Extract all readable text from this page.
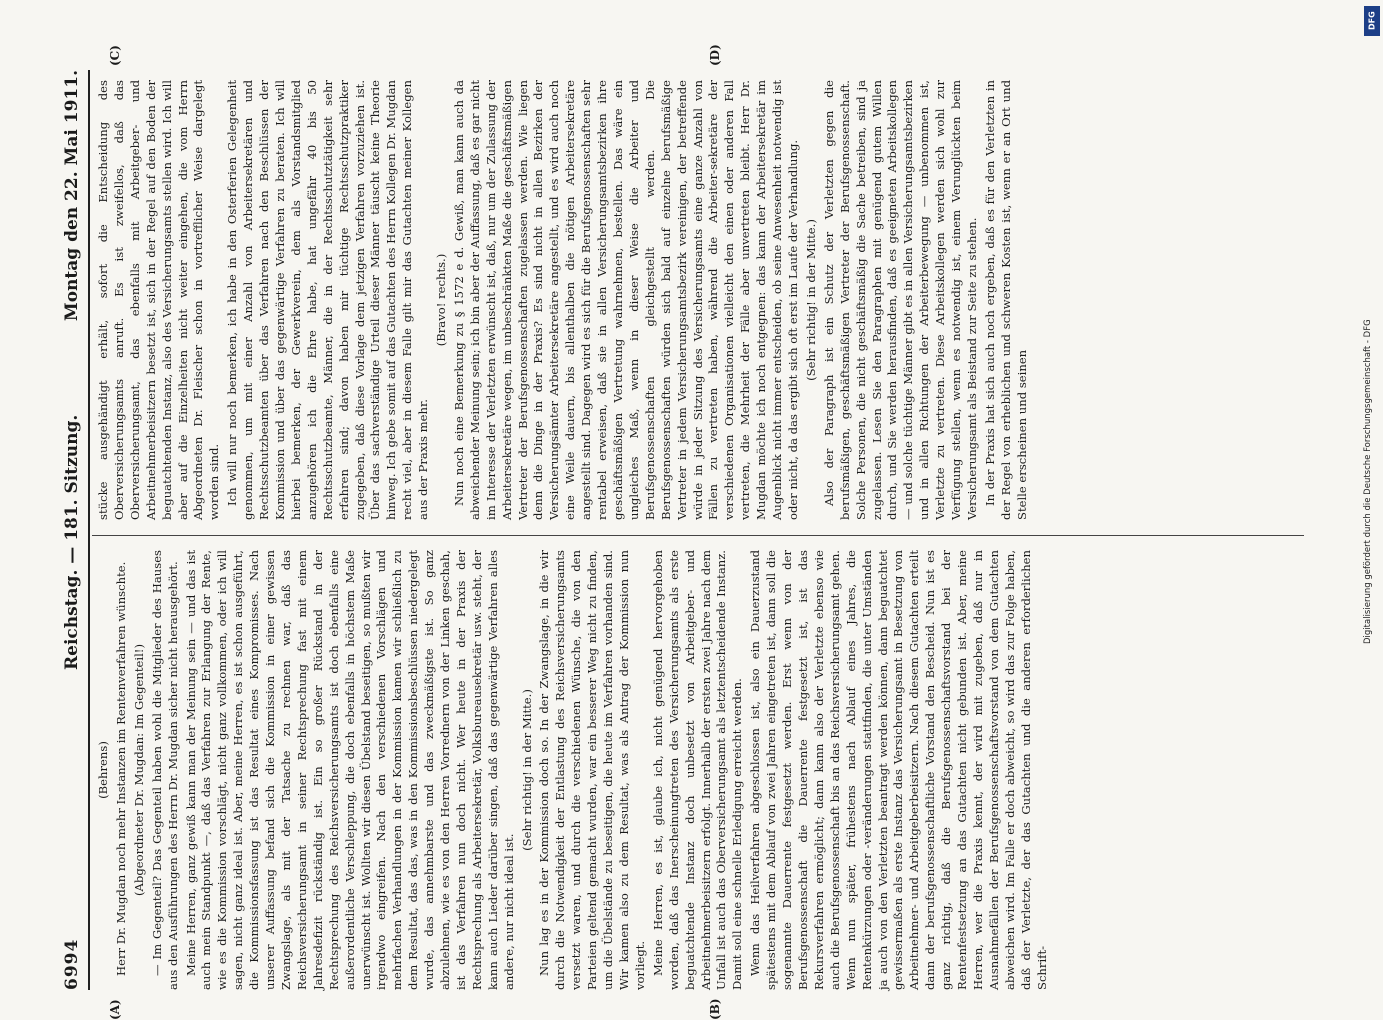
6994
Reichstag. — 181. Sitzung.
Montag den 22. Mai 1911.
(A)	(B)
(C)	(D)

(Behrens) Herr Dr. Mugdan noch mehr Instanzen im Rentenverfahren wünschte. (Abgeordneter Dr. Mugdan: Im Gegenteil!) — Im Gegenteil? Das Gegenteil haben wohl die Mitglieder des Hauses aus den Ausführungen des Herrn Dr. Mugdan sicher nicht herausgehört. Meine Herren, ganz gewiß kann man der Meinung sein — und das ist auch mein Standpunkt —, daß das Verfahren zur Erlangung der Rente, wie es die Kommission vorschlägt, nicht ganz vollkommen, oder ich will sagen, nicht ganz ideal ist. Aber, meine Herren, es ist schon ausgeführt, die Kommissionsfassung ist das Resultat eines Kompromisses. Nach unserer Auffassung befand sich die Kommission in einer gewissen Zwangslage, als mit der Tatsache zu rechnen war, daß das Reichsversicherungsamt in seiner Rechtsprechung fast mit einem Jahresdefizit rückständig ist. Ein so großer Rückstand in der Rechtsprechung des Reichsversicherungsamts ist doch ebenfalls eine außerordentliche Verschleppung, die doch ebenfalls in höchstem Maße unerwünscht ist. Wollten wir diesen Übelstand beseitigen, so mußten wir irgendwo eingreifen. Nach den verschiedenen Vorschlägen und mehrfachen Verhandlungen in der Kommission kamen wir schließlich zu dem Resultat, das das, was in den Kommissionsbeschlüssen niedergelegt wurde, das annehmbarste und das zweckmäßigste ist. So ganz abzulehnen, wie es von den Herren Vorrednern von der Linken geschah, ist das Verfahren nun doch nicht. Wer heute in der Praxis der Rechtsprechung als Arbeitersekretär, Volksbureausekretär usw. steht, der kann auch Lieder darüber singen, daß das gegenwärtige Verfahren alles andere, nur nicht ideal ist.

(Sehr richtig! in der Mitte.) Nun lag es in der Kommission doch so. In der Zwangslage, in die wir durch die Notwendigkeit der Entlastung des Reichsversicherungsamts versetzt waren, und durch die verschiedenen Wünsche, die von den Parteien geltend gemacht wurden, war ein besserer Weg nicht zu finden, um die Übelstände zu beseitigen, die heute im Verfahren vorhanden sind. Wir kamen also zu dem Resultat, was als Antrag der Kommission nun vorliegt. Meine Herren, es ist, glaube ich, nicht genügend hervorgehoben worden, daß das Inerscheinungtreten des Versicherungsamts als erste beguatchtende Instanz doch unbesetzt von Arbeitgeber- und Arbeitnehmerbeisitzern erfolgt. Innerhalb der ersten zwei Jahre nach dem Unfall ist auch das Oberversicherungsamt als letztentscheidende Instanz. Damit soll eine schnelle Erledigung erreicht werden. Wenn das Heilverfahren abgeschlossen ist, also ein Dauerzustand spätestens mit dem Ablauf von zwei Jahren eingetreten ist, dann soll die sogenannte Dauerrente festgesetzt werden. Erst wenn von der Berufsgenossenschaft die Dauerrente festgesetzt ist, ist das Rekursverfahren ermöglicht; dann kann also der Verletzte ebenso wie auch die Berufsgenossenschaft bis an das Reichsversicherungsamt gehen. Wenn nun später, frühestens nach Ablauf eines Jahres, die Rentenkürzungen oder -veränderungen stattfinden, die unter Umständen ja auch von den Verletzten beantragt werden können, dann beguatchtet gewissermaßen als erste Instanz das Versicherungsamt in Besetzung von Arbeitnehmer- und Arbeitgeberbeisitzern. Nach diesem Gutachten erteilt dann der berufsgenossenschaftliche Vorstand den Bescheid. Nun ist es ganz richtig, daß die Berufsgenossenschaftsvorstand bei der Rentenfestsetzung an das Gutachten nicht gebunden ist. Aber, meine Herren, wer die Praxis kennt, der wird mit zugeben, daß nur in Ausnahmefällen der Berufsgenossenschaftsvorstand von dem Gutachten abweichen wird. Im Falle er doch abweicht, so wird das zur Folge haben, daß der Verletzte, der das Gutachten und die anderen erforderlichen Schrift-

stücke ausgehändigt erhält, sofort die Entscheidung des Oberversicherungsamts anruft. Es ist zweifellos, daß das Oberversicherungsamt, das ebenfalls mit Arbeitgeber- und Arbeitnehmerbeisitzern besetzt ist, sich in der Regel auf den Boden der beguatchtenden Instanz, also des Versicherungsamts stellen wird. Ich will aber auf die Einzelheiten nicht weiter eingehen, die vom Herrn Abgeordneten Dr. Fleischer schon in vortrefflicher Weise dargelegt worden sind. Ich will nur noch bemerken, ich habe in den Osterferien Gelegenheit genommen, um mit einer Anzahl von Arbeitersekretären und Rechtsschutzbeamten über das Verfahren nach den Beschlüssen der Kommission und über das gegenwärtige Verfahren zu beraten. Ich will hierbei bemerken, der Gewerkverein, dem als Vorstandsmitglied anzugehören ich die Ehre habe, hat ungefähr 40 bis 50 Rechtsschutzbeamte, Männer, die in der Rechtsschutztätigkeit sehr erfahren sind; davon haben mir tüchtige Rechtsschutzpraktiker zugegeben, daß diese Vorlage dem jetzigen Verfahren vorzuziehen ist. Über das sachverständige Urteil dieser Männer täuscht keine Theorie hinweg. Ich gebe somit auf das Gutachten des Herrn Kollegen Dr. Mugdan recht viel, aber in diesem Falle gilt mir das Gutachten meiner Kollegen aus der Praxis mehr.

(Bravo! rechts.) Nun noch eine Bemerkung zu § 1572 e d. Gewiß, man kann auch da abweichender Meinung sein; ich bin aber der Auffassung, daß es gar nicht im Interesse der Verletzten erwünscht ist, daß, nur um der Zulassung der Arbeitersekretäre wegen, im unbeschränkten Maße die geschäftsmäßigen Vertreter der Berufsgenossenschaften zugelassen werden. Wie liegen denn die Dinge in der Praxis? Es sind nicht in allen Bezirken der Versicherungsämter Arbeitersekretäre angestellt, und es wird auch noch eine Weile dauern, bis allenthalben die nötigen Arbeitersekretäre angestellt sind. Dagegen wird es sich für die Berufsgenossenschaften sehr rentabel erweisen, daß sie in allen Versicherungsamtsbezirken ihre geschäftsmäßigen Vertretung wahrnehmen, bestellen. Das wäre ein ungleiches Maß, wenn in dieser Weise die Arbeiter und Berufsgenossenschaften gleichgestellt werden. Die Berufsgenossenschaften würden sich bald auf einzelne berufsmäßige Vertreter in jedem Versicherungsamtsbezirk vereinigen, der betreffende würde in jeder Sitzung des Versicherungsamts eine ganze Anzahl von Fällen zu vertreten haben, während die Arbeiter-sekretäre der verschiedenen Organisationen vielleicht den einen oder anderen Fall vertreten, die Mehrheit der Fälle aber unvertreten bleibt. Herr Dr. Mugdan möchte ich noch entgegnen: das kann der Arbeitersekretär im Augenblick nicht immer entscheiden, ob seine Anwesenheit notwendig ist oder nicht, da das ergibt sich oft erst im Laufe der Verhandlung. (Sehr richtig! in der Mitte.) Also der Paragraph ist ein Schutz der Verletzten gegen die berufsmäßigen, geschäftsmäßigen Vertreter der Berufsgenossenschaft. Solche Personen, die nicht geschäftsmäßig die Sache betreiben, sind ja zugelassen. Lesen Sie den Paragraphen mit genügend gutem Willen durch, und Sie werden herausfinden, daß es geeigneten Arbeitskollegen — und solche tüchtige Männer gibt es in allen Versicherungsamtsbezirken und in allen Richtungen der Arbeiterbewegung — unbenommen ist, Verletzte zu vertreten. Diese Arbeitskollegen werden sich wohl zur Verfügung stellen, wenn es notwendig ist, einem Verunglückten beim Versicherungsamt als Beistand zur Seite zu stehen. In der Praxis hat sich auch noch ergeben, daß es für den Verletzten in der Regel von erheblichen und schweren Kosten ist, wenn er an Ort und Stelle erscheinen und seinen

DFG
Digitalisierung gefördert durch die Deutsche Forschungsgemeinschaft - DFG
